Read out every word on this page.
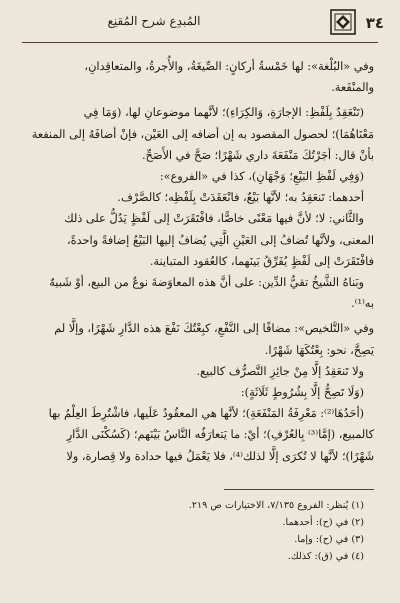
٣٤
المُبدِع شرح المُقنِع

وفي «البُلْغة»: لها خَمْسةُ أركانٍ: الصِّيغَةُ، والأُجرةُ، والمتعاقِدانِ،

والمنْفَعة.

(تَنْعَقِدُ بِلَفْظِ: الإجارَةِ، وَالكِرَاءِ)؛ لأنَّهما موضوعانِ لها، (وَمَا فِي

مَعْنَاهُمَا)؛ لحصول المقصود به إن أضافه إلى العَيْن، فإنْ أضافَهُ إلى المنفعة

بأنْ قال: أجَرْتُكَ مَنْفَعَةَ داري شَهْرًا؛ صَحَّ في الأَصَحِّ.

(وَفِي لَفْظِ البَيْعِ؛ وَجْهَانِ)، كذا في «الفروع»:

أحدهما: تَنعَقِدُ به؛ لأنَّها بَيْعٌ، فانْعَقَدَتْ بِلَفْظِه؛ كالصَّرْف.

والثَّاني: لا؛ لأنَّ فيها مَعْنًى خاصًّا، فافْتَقَرَتْ إلى لَفْظٍ يَدُلُّ على ذلك

المعنى، ولأنَّها تُضافُ إلى العَيْنِ الَّتِي يُضافُ إليها البَيْعُ إضافةً واحدةً،

فافْتَقَرَتْ إلى لَفْظٍ يُفَرِّقُ بَينَهما، كالعُقود المتباينة.

وبَناهُ الشَّيخُ تقيُّ الدِّين: على أنَّ هذه المعاوَضةَ نوعٌ من البيع، أوْ شَبيهٌ

به⁽¹⁾.

وفي «التَّلخيص»: مضافًا إلى النَّفْعِ، كبِعْتُكَ نَفْعَ هذه الدَّارِ شَهْرًا، وإلَّا لم

يَصِحَّ، نحو: بِعْتُكَهَا شَهْرًا.

ولا تَنعَقِدُ إلَّا مِنْ جائِزِ التَّصرُّف كالبيع.

(وَلَا تَصِحُّ إلَّا بِشُرُوطٍ ثَلَاثَةٍ):

(أحَدُهَا⁽²⁾: مَعْرِفَةُ المَنْفَعَةِ)؛ لأنَّها هي المعقُودُ عَلَيها، فاشْتُرِطَ العِلْمُ بها

كالمبيع، (إمَّا⁽³⁾ بِالعُرْفِ)؛ أيْ: ما يَتعارَفُه النَّاسُ بَيْنَهم؛ (كَسُكْنَى الدَّارِ

شَهْرًا)؛ لأنَّها لا تُكرَى إلَّا لذلك⁽⁴⁾، فلا يَعْمَلُ فيها حدادة ولا قِصارة، ولا

(١) يُنظر: الفروع ٧/١٣٥، الاختيارات ص ٢١٩.

(٢) في (ح): أحدهما.

(٣) في (ح): وإما.

(٤) في (ق): كذلك.
